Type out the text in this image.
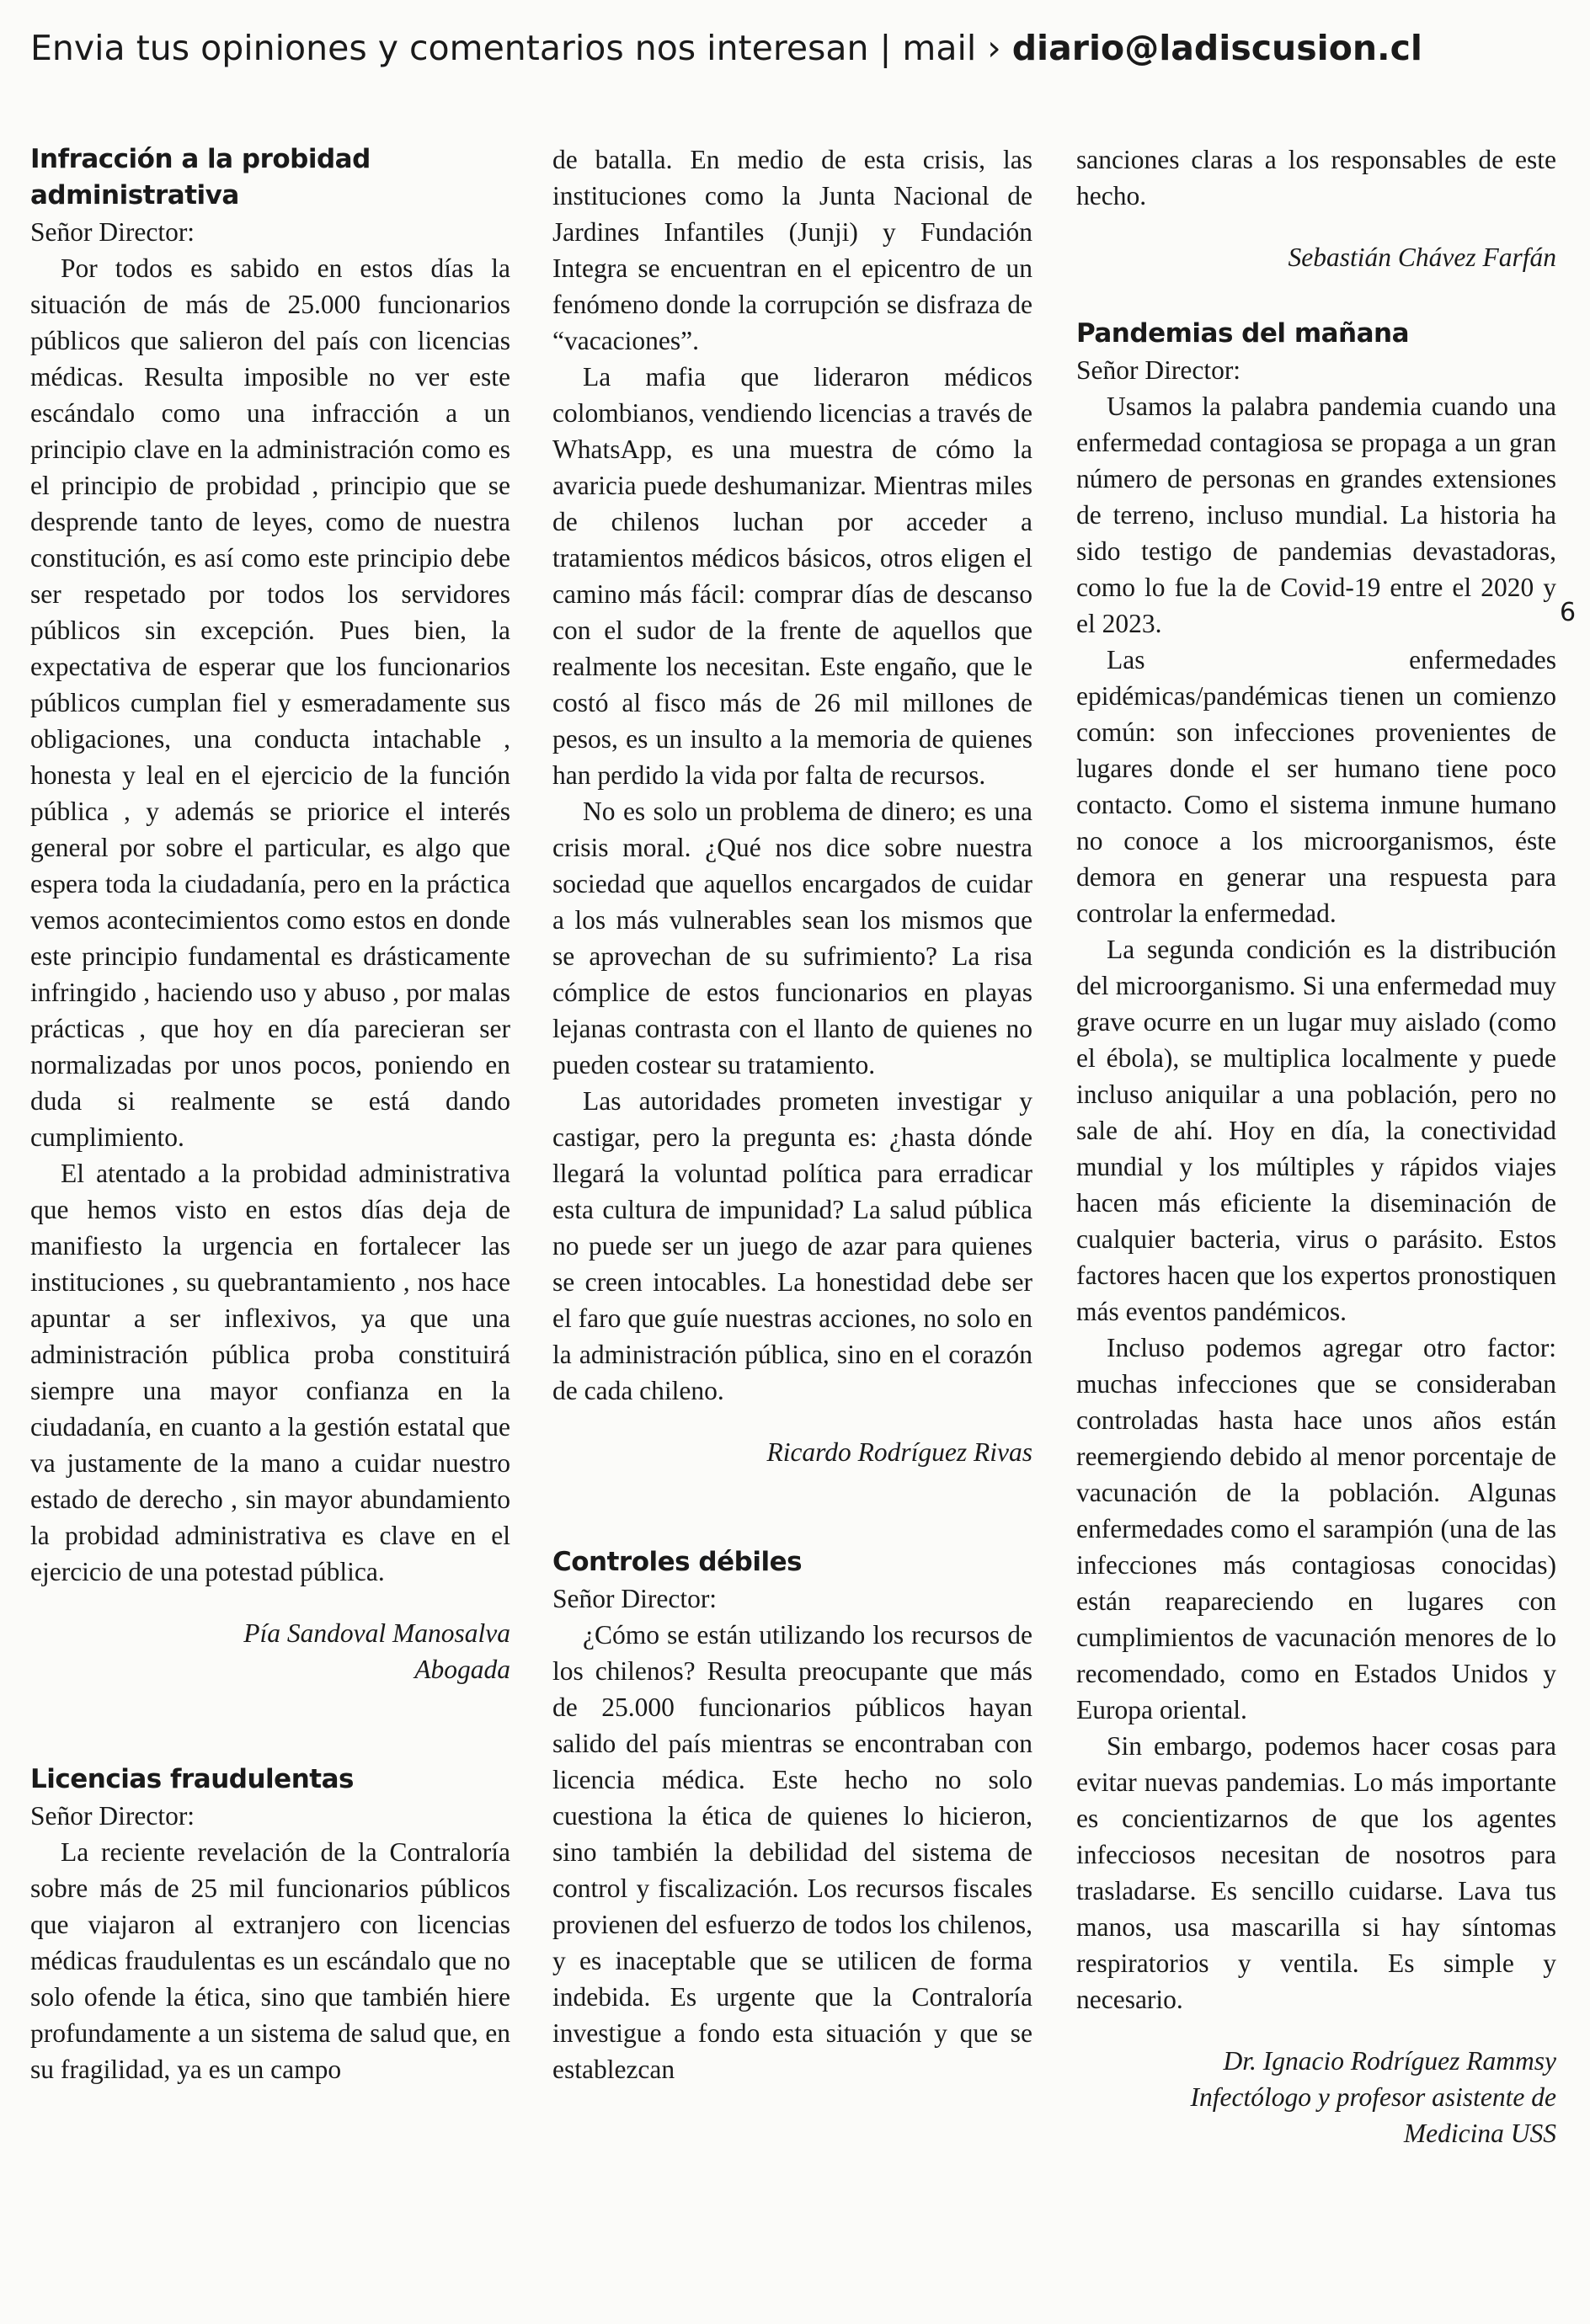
Envia tus opiniones y comentarios nos interesan | mail › diario@ladiscusion.cl
6
Infracción a la probidad administrativa

Señor Director:

Por todos es sabido en estos días la situación de más de 25.000 funcionarios públicos que salieron del país con licencias médicas. Resulta imposible no ver este escándalo como una infracción a un principio clave en la administración como es el principio de probidad , principio que se desprende tanto de leyes, como de nuestra constitución, es así como este principio debe ser respetado por todos los servidores públicos sin excepción. Pues bien, la expectativa de esperar que los funcionarios públicos cumplan fiel y esmeradamente sus obligaciones, una conducta intachable , honesta y leal en el ejercicio de la función pública , y además se priorice el interés general por sobre el particular, es algo que espera toda la ciudadanía, pero en la práctica vemos acontecimientos como estos en donde este principio fundamental es drásticamente infringido , haciendo uso y abuso , por malas prácticas , que hoy en día parecieran ser normalizadas por unos pocos, poniendo en duda si realmente se está dando cumplimiento.

El atentado a la probidad administrativa que hemos visto en estos días deja de manifiesto la urgencia en fortalecer las instituciones , su quebrantamiento , nos hace apuntar a ser inflexivos, ya que una administración pública proba constituirá siempre una mayor confianza en la ciudadanía, en cuanto a la gestión estatal que va justamente de la mano a cuidar nuestro estado de derecho , sin mayor abundamiento la probidad administrativa es clave en el ejercicio de una potestad pública.

Pía Sandoval Manosalva
Abogada

Licencias fraudulentas

Señor Director:

La reciente revelación de la Contraloría sobre más de 25 mil funcionarios públicos que viajaron al extranjero con licencias médicas fraudulentas es un escándalo que no solo ofende la ética, sino que también hiere profundamente a un sistema de salud que, en su fragilidad, ya es un campo

de batalla. En medio de esta crisis, las instituciones como la Junta Nacional de Jardines Infantiles (Junji) y Fundación Integra se encuentran en el epicentro de un fenómeno donde la corrupción se disfraza de “vacaciones”.

La mafia que lideraron médicos colombianos, vendiendo licencias a través de WhatsApp, es una muestra de cómo la avaricia puede deshumanizar. Mientras miles de chilenos luchan por acceder a tratamientos médicos básicos, otros eligen el camino más fácil: comprar días de descanso con el sudor de la frente de aquellos que realmente los necesitan. Este engaño, que le costó al fisco más de 26 mil millones de pesos, es un insulto a la memoria de quienes han perdido la vida por falta de recursos.

No es solo un problema de dinero; es una crisis moral. ¿Qué nos dice sobre nuestra sociedad que aquellos encargados de cuidar a los más vulnerables sean los mismos que se aprovechan de su sufrimiento? La risa cómplice de estos funcionarios en playas lejanas contrasta con el llanto de quienes no pueden costear su tratamiento.

Las autoridades prometen investigar y castigar, pero la pregunta es: ¿hasta dónde llegará la voluntad política para erradicar esta cultura de impunidad? La salud pública no puede ser un juego de azar para quienes se creen intocables. La honestidad debe ser el faro que guíe nuestras acciones, no solo en la administración pública, sino en el corazón de cada chileno.

Ricardo Rodríguez Rivas

Controles débiles

Señor Director:

¿Cómo se están utilizando los recursos de los chilenos? Resulta preocupante que más de 25.000 funcionarios públicos hayan salido del país mientras se encontraban con licencia médica. Este hecho no solo cuestiona la ética de quienes lo hicieron, sino también la debilidad del sistema de control y fiscalización. Los recursos fiscales provienen del esfuerzo de todos los chilenos, y es inaceptable que se utilicen de forma indebida. Es urgente que la Contraloría investigue a fondo esta situación y que se establezcan

sanciones claras a los responsables de este hecho.

Sebastián Chávez Farfán

Pandemias del mañana

Señor Director:

Usamos la palabra pandemia cuando una enfermedad contagiosa se propaga a un gran número de personas en grandes extensiones de terreno, incluso mundial. La historia ha sido testigo de pandemias devastadoras, como lo fue la de Covid-19 entre el 2020 y el 2023.

Las enfermedades epidémicas/pandémicas tienen un comienzo común: son infecciones provenientes de lugares donde el ser humano tiene poco contacto. Como el sistema inmune humano no conoce a los microorganismos, éste demora en generar una respuesta para controlar la enfermedad.

La segunda condición es la distribución del microorganismo. Si una enfermedad muy grave ocurre en un lugar muy aislado (como el ébola), se multiplica localmente y puede incluso aniquilar a una población, pero no sale de ahí. Hoy en día, la conectividad mundial y los múltiples y rápidos viajes hacen más eficiente la diseminación de cualquier bacteria, virus o parásito. Estos factores hacen que los expertos pronostiquen más eventos pandémicos.

Incluso podemos agregar otro factor: muchas infecciones que se consideraban controladas hasta hace unos años están reemergiendo debido al menor porcentaje de vacunación de la población. Algunas enfermedades como el sarampión (una de las infecciones más contagiosas conocidas) están reapareciendo en lugares con cumplimientos de vacunación menores de lo recomendado, como en Estados Unidos y Europa oriental.

Sin embargo, podemos hacer cosas para evitar nuevas pandemias. Lo más importante es concientizarnos de que los agentes infecciosos necesitan de nosotros para trasladarse. Es sencillo cuidarse. Lava tus manos, usa mascarilla si hay síntomas respiratorios y ventila. Es simple y necesario.

Dr. Ignacio Rodríguez Rammsy
Infectólogo y profesor asistente de
Medicina USS
